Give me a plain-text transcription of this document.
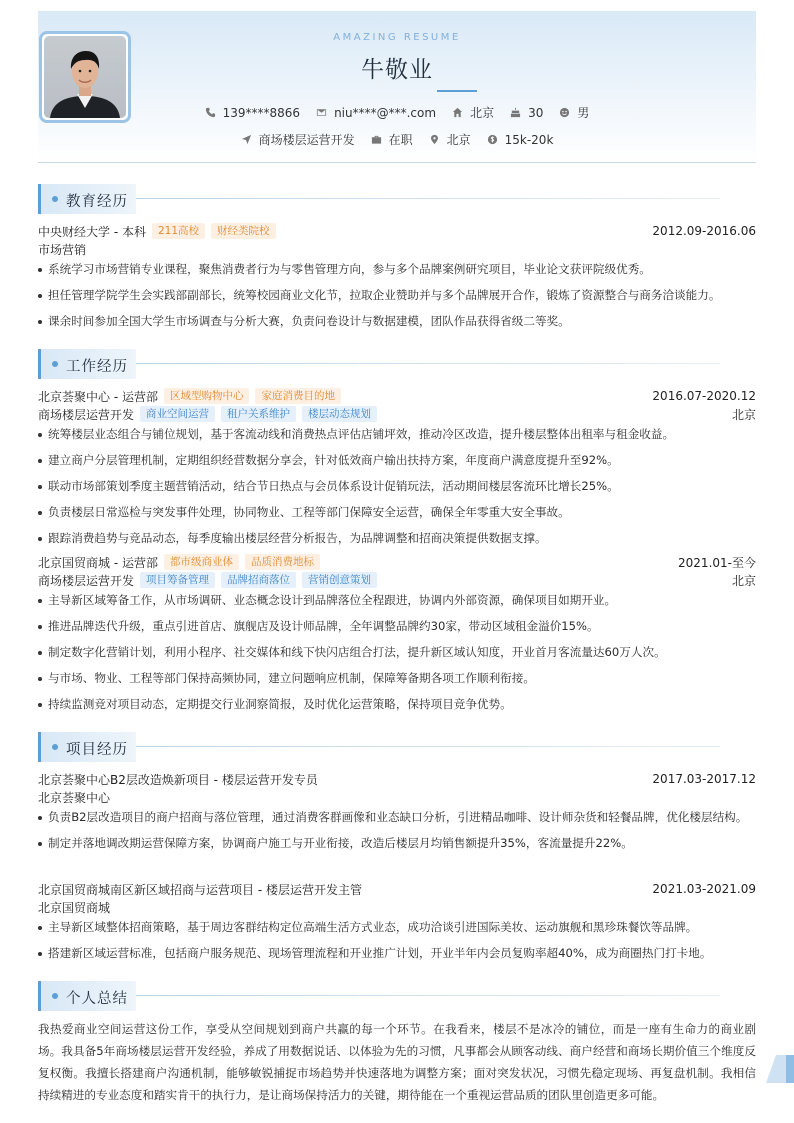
AMAZING RESUME
牛敬业
139****8866	niu****@***.com	北京	30	男
商场楼层运营开发	在职	北京	15k-20k
教育经历
中央财经大学 - 本科	211高校	财经类院校	2012.09-2016.06
市场营销
系统学习市场营销专业课程，聚焦消费者行为与零售管理方向，参与多个品牌案例研究项目，毕业论文获评院级优秀。
担任管理学院学生会实践部副部长，统筹校园商业文化节，拉取企业赞助并与多个品牌展开合作，锻炼了资源整合与商务洽谈能力。
课余时间参加全国大学生市场调查与分析大赛，负责问卷设计与数据建模，团队作品获得省级二等奖。
工作经历
北京荟聚中心 - 运营部	区域型购物中心	家庭消费目的地	2016.07-2020.12
商场楼层运营开发	商业空间运营	租户关系维护	楼层动态规划	北京
统筹楼层业态组合与铺位规划，基于客流动线和消费热点评估店铺坪效，推动冷区改造，提升楼层整体出租率与租金收益。
建立商户分层管理机制，定期组织经营数据分享会，针对低效商户输出扶持方案，年度商户满意度提升至92%。
联动市场部策划季度主题营销活动，结合节日热点与会员体系设计促销玩法，活动期间楼层客流环比增长25%。
负责楼层日常巡检与突发事件处理，协同物业、工程等部门保障安全运营，确保全年零重大安全事故。
跟踪消费趋势与竞品动态，每季度输出楼层经营分析报告，为品牌调整和招商决策提供数据支撑。
北京国贸商城 - 运营部	都市级商业体	品质消费地标	2021.01-至今
商场楼层运营开发	项目筹备管理	品牌招商落位	营销创意策划	北京
主导新区域筹备工作，从市场调研、业态概念设计到品牌落位全程跟进，协调内外部资源，确保项目如期开业。
推进品牌迭代升级，重点引进首店、旗舰店及设计师品牌，全年调整品牌约30家，带动区域租金溢价15%。
制定数字化营销计划，利用小程序、社交媒体和线下快闪店组合打法，提升新区域认知度，开业首月客流量达60万人次。
与市场、物业、工程等部门保持高频协同，建立问题响应机制，保障筹备期各项工作顺利衔接。
持续监测竞对项目动态，定期提交行业洞察简报，及时优化运营策略，保持项目竞争优势。
项目经历
北京荟聚中心B2层改造焕新项目 - 楼层运营开发专员	2017.03-2017.12
北京荟聚中心
负责B2层改造项目的商户招商与落位管理，通过消费客群画像和业态缺口分析，引进精品咖啡、设计师杂货和轻餐品牌，优化楼层结构。
制定并落地调改期运营保障方案，协调商户施工与开业衔接，改造后楼层月均销售额提升35%，客流量提升22%。
北京国贸商城南区新区域招商与运营项目 - 楼层运营开发主管	2021.03-2021.09
北京国贸商城
主导新区域整体招商策略，基于周边客群结构定位高端生活方式业态，成功洽谈引进国际美妆、运动旗舰和黑珍珠餐饮等品牌。
搭建新区域运营标准，包括商户服务规范、现场管理流程和开业推广计划，开业半年内会员复购率超40%，成为商圈热门打卡地。
个人总结
我热爱商业空间运营这份工作，享受从空间规划到商户共赢的每一个环节。在我看来，楼层不是冰冷的铺位，而是一座有生命力的商业剧场。我具备5年商场楼层运营开发经验，养成了用数据说话、以体验为先的习惯，凡事都会从顾客动线、商户经营和商场长期价值三个维度反复权衡。我擅长搭建商户沟通机制，能够敏锐捕捉市场趋势并快速落地为调整方案；面对突发状况，习惯先稳定现场、再复盘机制。我相信持续精进的专业态度和踏实肯干的执行力，是让商场保持活力的关键，期待能在一个重视运营品质的团队里创造更多可能。
